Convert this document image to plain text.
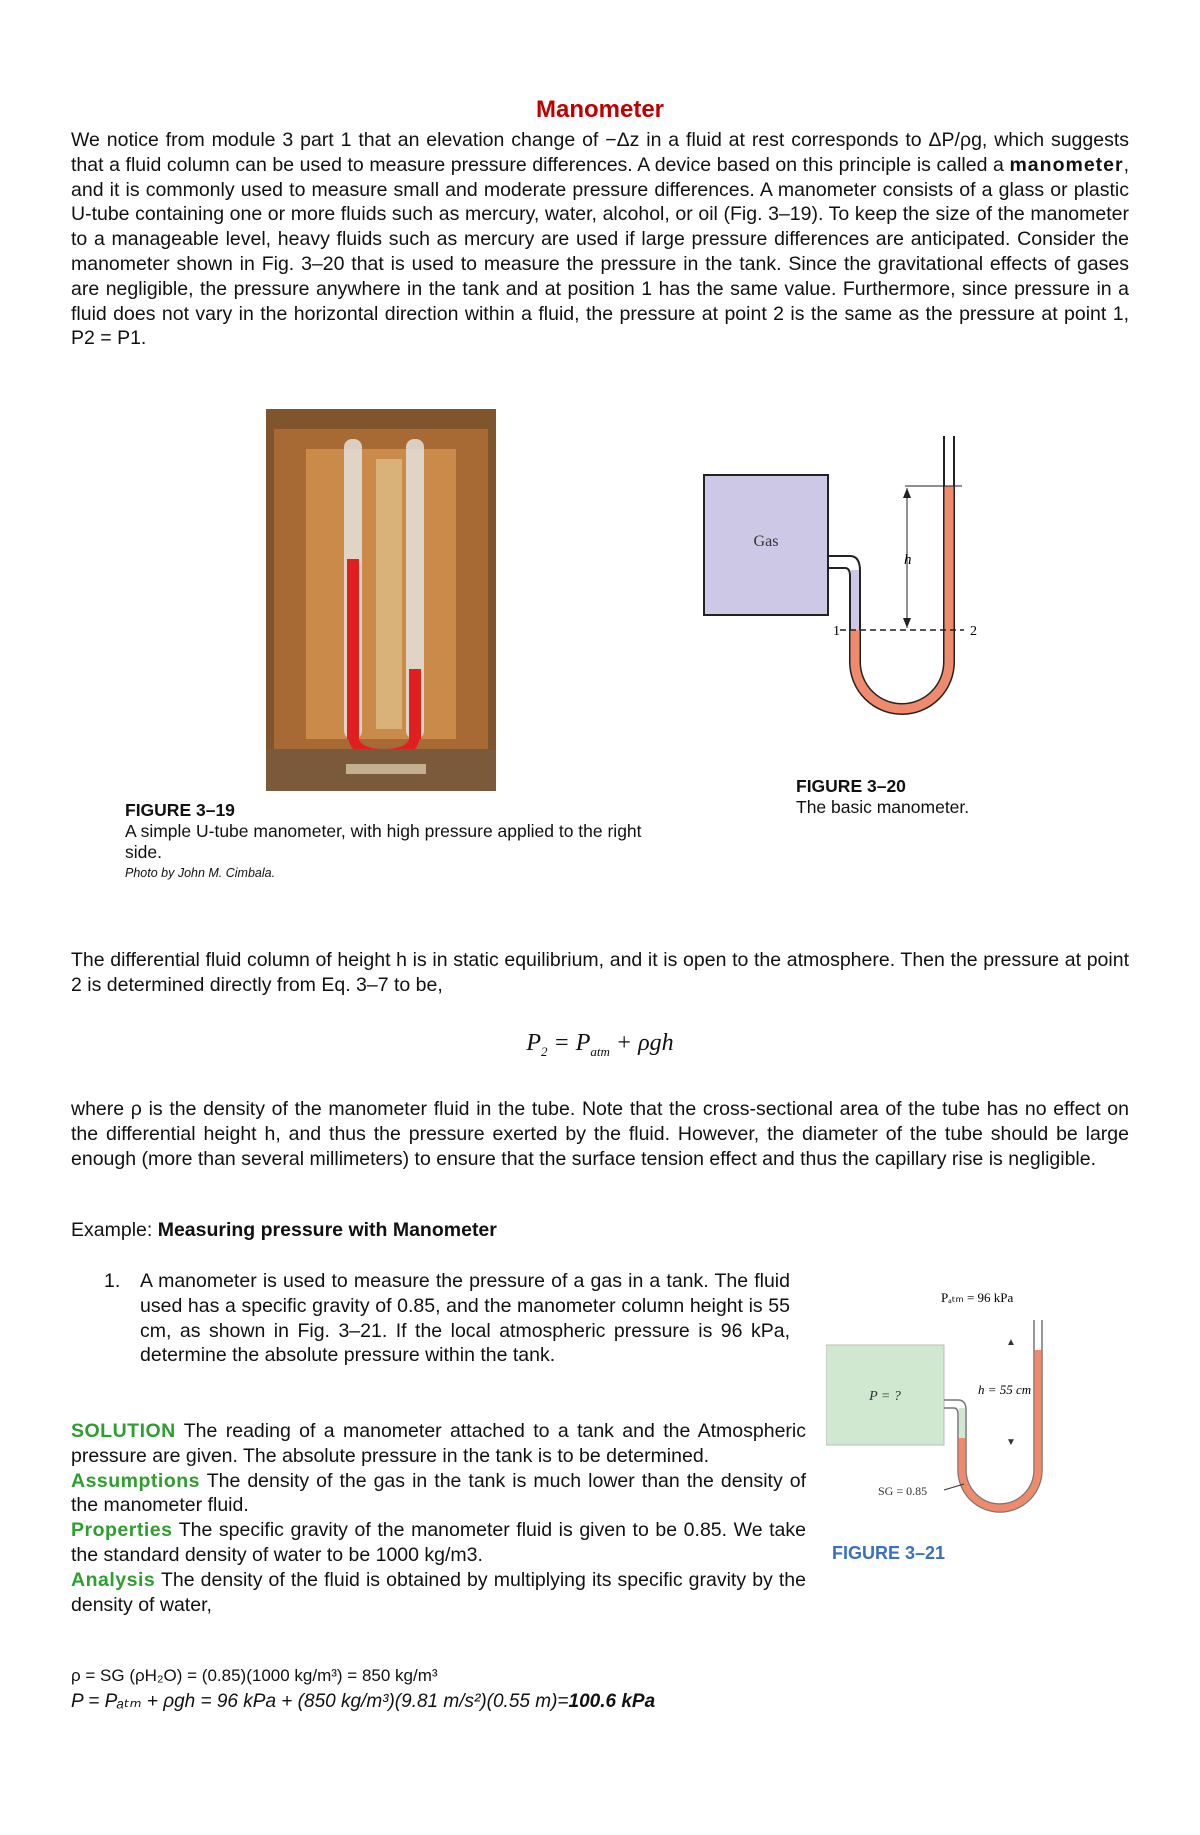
Manometer
We notice from module 3 part 1 that an elevation change of −Δz in a fluid at rest corresponds to ΔP/ρg, which suggests that a fluid column can be used to measure pressure differences. A device based on this principle is called a manometer, and it is commonly used to measure small and moderate pressure differences. A manometer consists of a glass or plastic U-tube containing one or more fluids such as mercury, water, alcohol, or oil (Fig. 3–19). To keep the size of the manometer to a manageable level, heavy fluids such as mercury are used if large pressure differences are anticipated. Consider the manometer shown in Fig. 3–20 that is used to measure the pressure in the tank. Since the gravitational effects of gases are negligible, the pressure anywhere in the tank and at position 1 has the same value. Furthermore, since pressure in a fluid does not vary in the horizontal direction within a fluid, the pressure at point 2 is the same as the pressure at point 1, P2 = P1.
FIGURE 3–19
A simple U-tube manometer, with high pressure applied to the right side.
Photo by John M. Cimbala.
Gas
h
1	2
FIGURE 3–20
The basic manometer.
The differential fluid column of height h is in static equilibrium, and it is open to the atmosphere. Then the pressure at point 2 is determined directly from Eq. 3–7 to be,
$P_2 = P_{atm} + \rho gh$
where ρ is the density of the manometer fluid in the tube. Note that the cross-sectional area of the tube has no effect on the differential height h, and thus the pressure exerted by the fluid. However, the diameter of the tube should be large enough (more than several millimeters) to ensure that the surface tension effect and thus the capillary rise is negligible.
Example: Measuring pressure with Manometer
1. A manometer is used to measure the pressure of a gas in a tank. The fluid used has a specific gravity of 0.85, and the manometer column height is 55 cm, as shown in Fig. 3–21. If the local atmospheric pressure is 96 kPa, determine the absolute pressure within the tank.
SOLUTION The reading of a manometer attached to a tank and the Atmospheric pressure are given. The absolute pressure in the tank is to be determined.
Assumptions The density of the gas in the tank is much lower than the density of the manometer fluid.
Properties The specific gravity of the manometer fluid is given to be 0.85. We take the standard density of water to be 1000 kg/m3.
Analysis The density of the fluid is obtained by multiplying its specific gravity by the density of water,
P = ?
Pₐₜₘ = 96 kPa
▲
h = 55 cm
▼
SG = 0.85
FIGURE 3–21
ρ = SG (ρH₂O) = (0.85)(1000 kg/m³) = 850 kg/m³
P = Pₐₜₘ + ρgh = 96 kPa + (850 kg/m³)(9.81 m/s²)(0.55 m)=100.6 kPa
